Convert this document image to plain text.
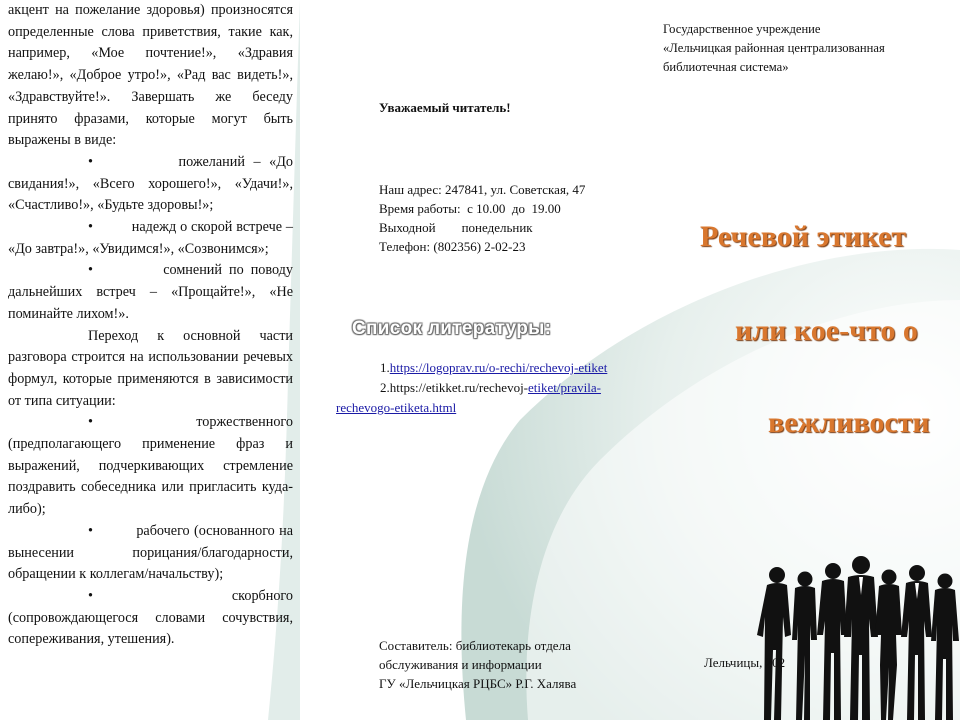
акцент на пожелание здоровья) произносятся определенные слова приветствия, такие как, например, «Мое почтение!», «Здравия желаю!», «Доброе утро!», «Рад вас видеть!», «Здравствуйте!». Завершать же беседу принято фразами, которые могут быть выражены в виде:

•	пожеланий – «До свидания!», «Всего хорошего!», «Удачи!», «Счастливо!», «Будьте здоровы!»;

•	надежд о скорой встрече – «До завтра!», «Увидимся!», «Созвонимся»;

•	сомнений по поводу дальнейших встреч – «Прощайте!», «Не поминайте лихом!».

Переход к основной части разговора строится на использовании речевых формул, которые применяются в зависимости от типа ситуации:

•	торжественного (предполагающего применение фраз и выражений, подчеркивающих стремление поздравить собеседника или пригласить куда-либо);

•	рабочего (основанного на вынесении порицания/благодарности, обращении к коллегам/начальству);

•	скорбного (сопровождающегося словами сочувствия, сопереживания, утешения).

Уважаемый читатель!
Наш адрес: 247841, ул. Советская, 47
Время работы:  с 10.00  до  19.00
Выходной        понедельник
Телефон: (802356) 2-02-23
Список литературы:

1.https://logoprav.ru/o-rechi/rechevoj-etiket

2.https://etikket.ru/rechevoj-etiket/pravila-rechevogo-etiketa.html

Составитель: библиотекарь отдела
обслуживания и информации
ГУ «Лельчицкая РЦБС» Р.Г. Халява
Государственное учреждение
«Лельчицкая районная централизованная
библиотечная система»
Речевой этикет
или кое-что о
вежливости
Лельчицы, 202
